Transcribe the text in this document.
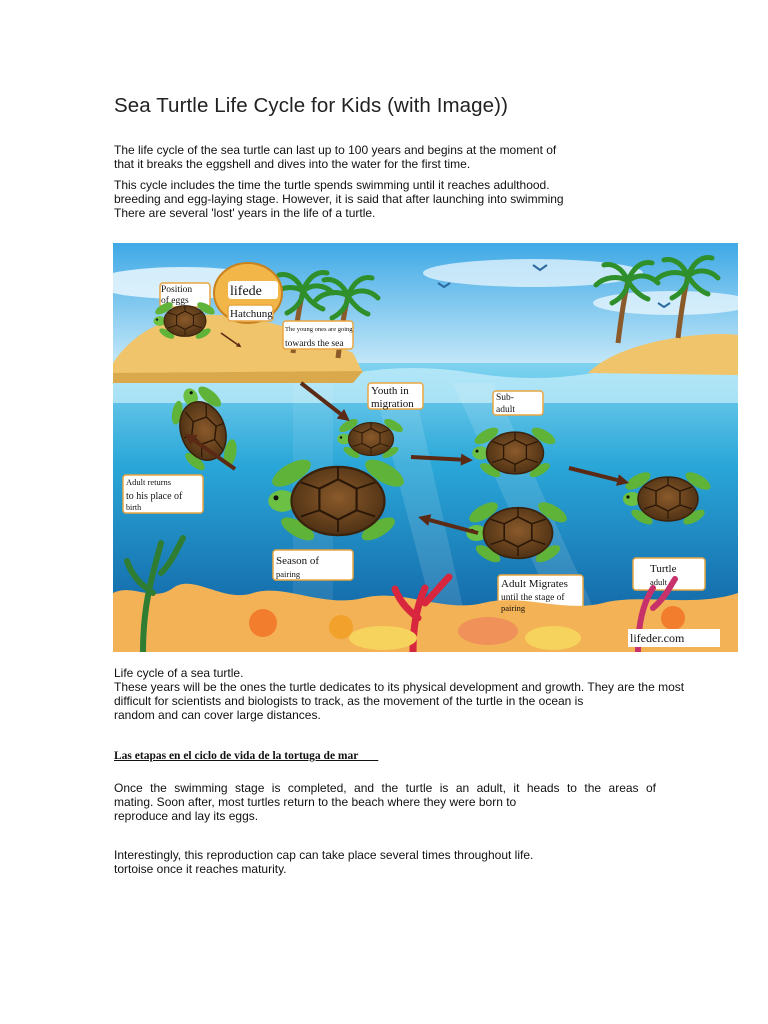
Sea Turtle Life Cycle for Kids (with Image))
The life cycle of the sea turtle can last up to 100 years and begins at the moment of
that it breaks the eggshell and dives into the water for the first time.
This cycle includes the time the turtle spends swimming until it reaches adulthood.
breeding and egg-laying stage. However, it is said that after launching into swimming
There are several 'lost' years in the life of a turtle.
Position
of eggs
lifede
Hatchung
The young ones are going
towards the sea
Youth in
migration	Sub-
adult
Adult returns
to his place of
birth
Season of
pairing
Adult Migrates
until the stage of
pairing
Turtle
adult
lifeder.com
Life cycle of a sea turtle.
These years will be the ones the turtle dedicates to its physical development and growth. They are the most
difficult for scientists and biologists to track, as the movement of the turtle in the ocean is
random and can cover large distances.
Las etapas en el ciclo de vida de la tortuga de mar
Once the swimming stage is completed, and the turtle is an adult, it heads to the areas of
mating. Soon after, most turtles return to the beach where they were born to
reproduce and lay its eggs.
Interestingly, this reproduction cap can take place several times throughout life.
tortoise once it reaches maturity.
